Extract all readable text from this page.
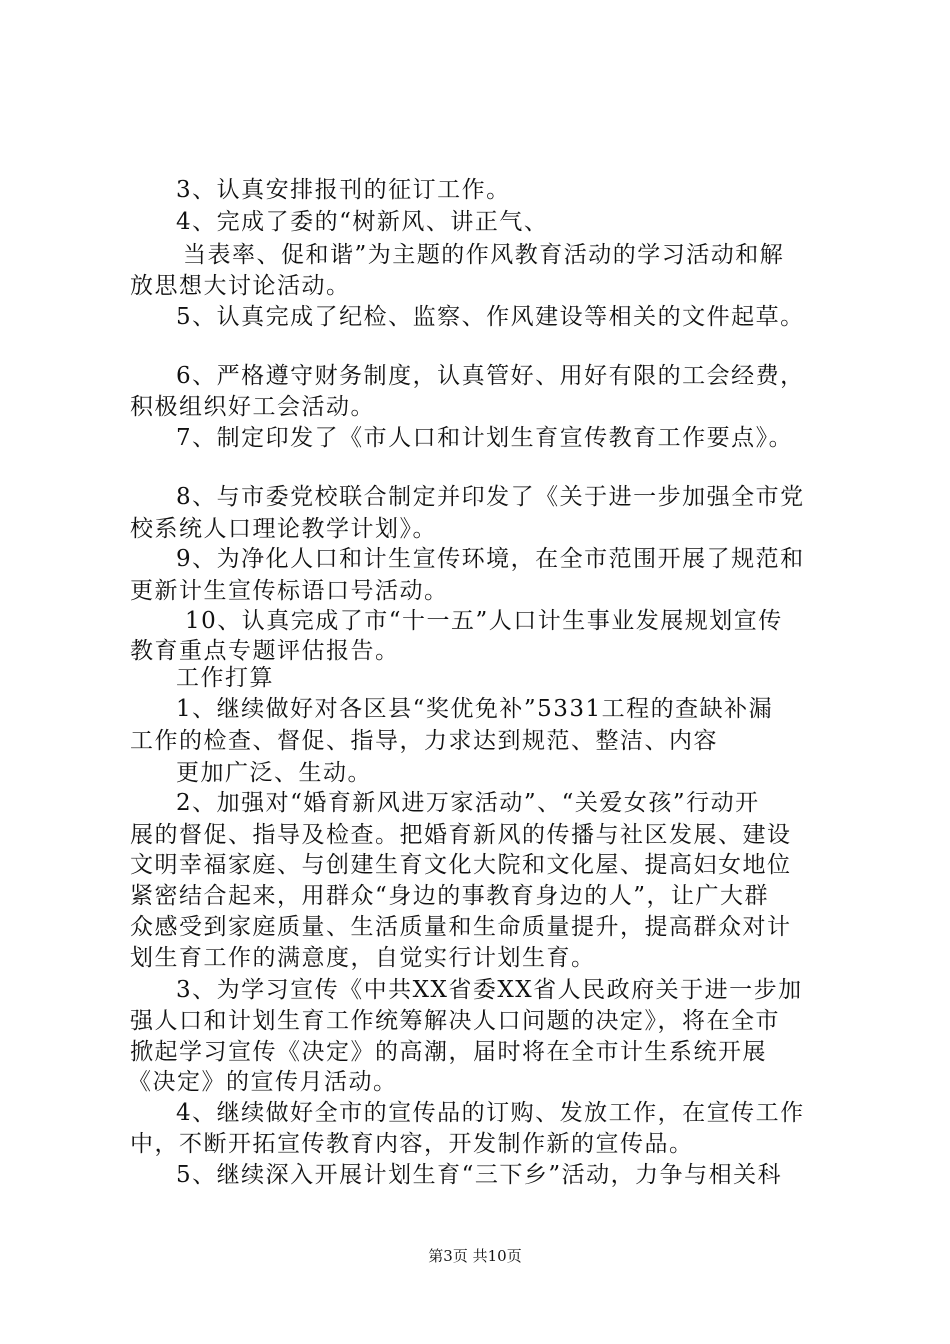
3、认真安排报刊的征订工作。
4、完成了委的“树新风、讲正气、
当表率、促和谐”为主题的作风教育活动的学习活动和解
放思想大讨论活动。
5、认真完成了纪检、监察、作风建设等相关的文件起草。
6、严格遵守财务制度，认真管好、用好有限的工会经费，
积极组织好工会活动。
7、制定印发了《市人口和计划生育宣传教育工作要点》。
8、与市委党校联合制定并印发了《关于进一步加强全市党
校系统人口理论教学计划》。
9、为净化人口和计生宣传环境，在全市范围开展了规范和
更新计生宣传标语口号活动。
10、认真完成了市“十一五”人口计生事业发展规划宣传
教育重点专题评估报告。
工作打算
1、继续做好对各区县“奖优免补”5331工程的查缺补漏
工作的检查、督促、指导，力求达到规范、整洁、内容
更加广泛、生动。
2、加强对“婚育新风进万家活动”、“关爱女孩”行动开
展的督促、指导及检查。把婚育新风的传播与社区发展、建设
文明幸福家庭、与创建生育文化大院和文化屋、提高妇女地位
紧密结合起来，用群众“身边的事教育身边的人”，让广大群
众感受到家庭质量、生活质量和生命质量提升，提高群众对计
划生育工作的满意度，自觉实行计划生育。
3、为学习宣传《中共XX省委XX省人民政府关于进一步加
强人口和计划生育工作统筹解决人口问题的决定》，将在全市
掀起学习宣传《决定》的高潮，届时将在全市计生系统开展
《决定》的宣传月活动。
4、继续做好全市的宣传品的订购、发放工作，在宣传工作
中，不断开拓宣传教育内容，开发制作新的宣传品。
5、继续深入开展计划生育“三下乡”活动，力争与相关科
第3页 共10页
